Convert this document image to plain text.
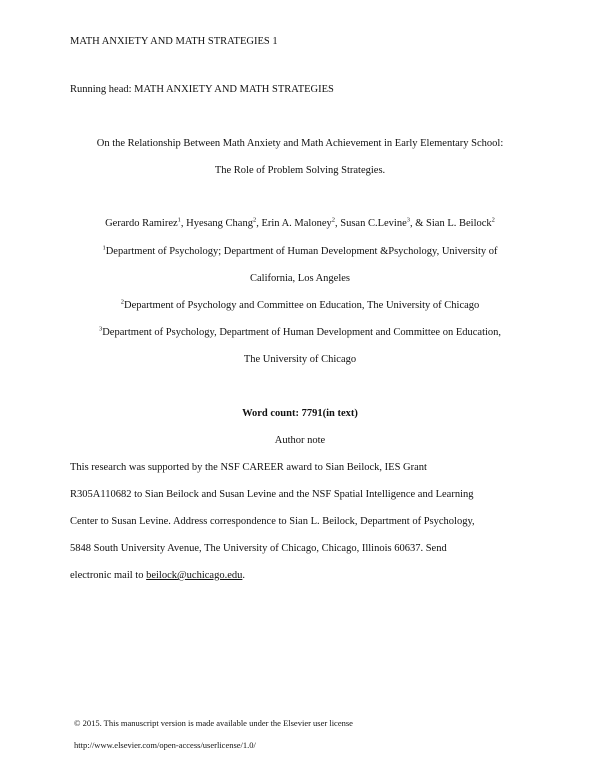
MATH ANXIETY AND MATH STRATEGIES 1
Running head: MATH ANXIETY AND MATH STRATEGIES
On the Relationship Between Math Anxiety and Math Achievement in Early Elementary School:
The Role of Problem Solving Strategies.
Gerardo Ramirez$^1$, Hyesang Chang$^2$, Erin A. Maloney$^2$, Susan C.Levine$^3$, & Sian L. Beilock$^2$
$^1$Department of Psychology; Department of Human Development &Psychology, University of
California, Los Angeles
$^2$Department of Psychology and Committee on Education, The University of Chicago
$^3$Department of Psychology, Department of Human Development and Committee on Education,
The University of Chicago
Word count: 7791(in text)
Author note
This research was supported by the NSF CAREER award to Sian Beilock, IES Grant
R305A110682 to Sian Beilock and Susan Levine and the NSF Spatial Intelligence and Learning
Center to Susan Levine. Address correspondence to Sian L. Beilock, Department of Psychology,
5848 South University Avenue, The University of Chicago, Chicago, Illinois 60637. Send
electronic mail to beilock@uchicago.edu.
© 2015. This manuscript version is made available under the Elsevier user license
http://www.elsevier.com/open-access/userlicense/1.0/
